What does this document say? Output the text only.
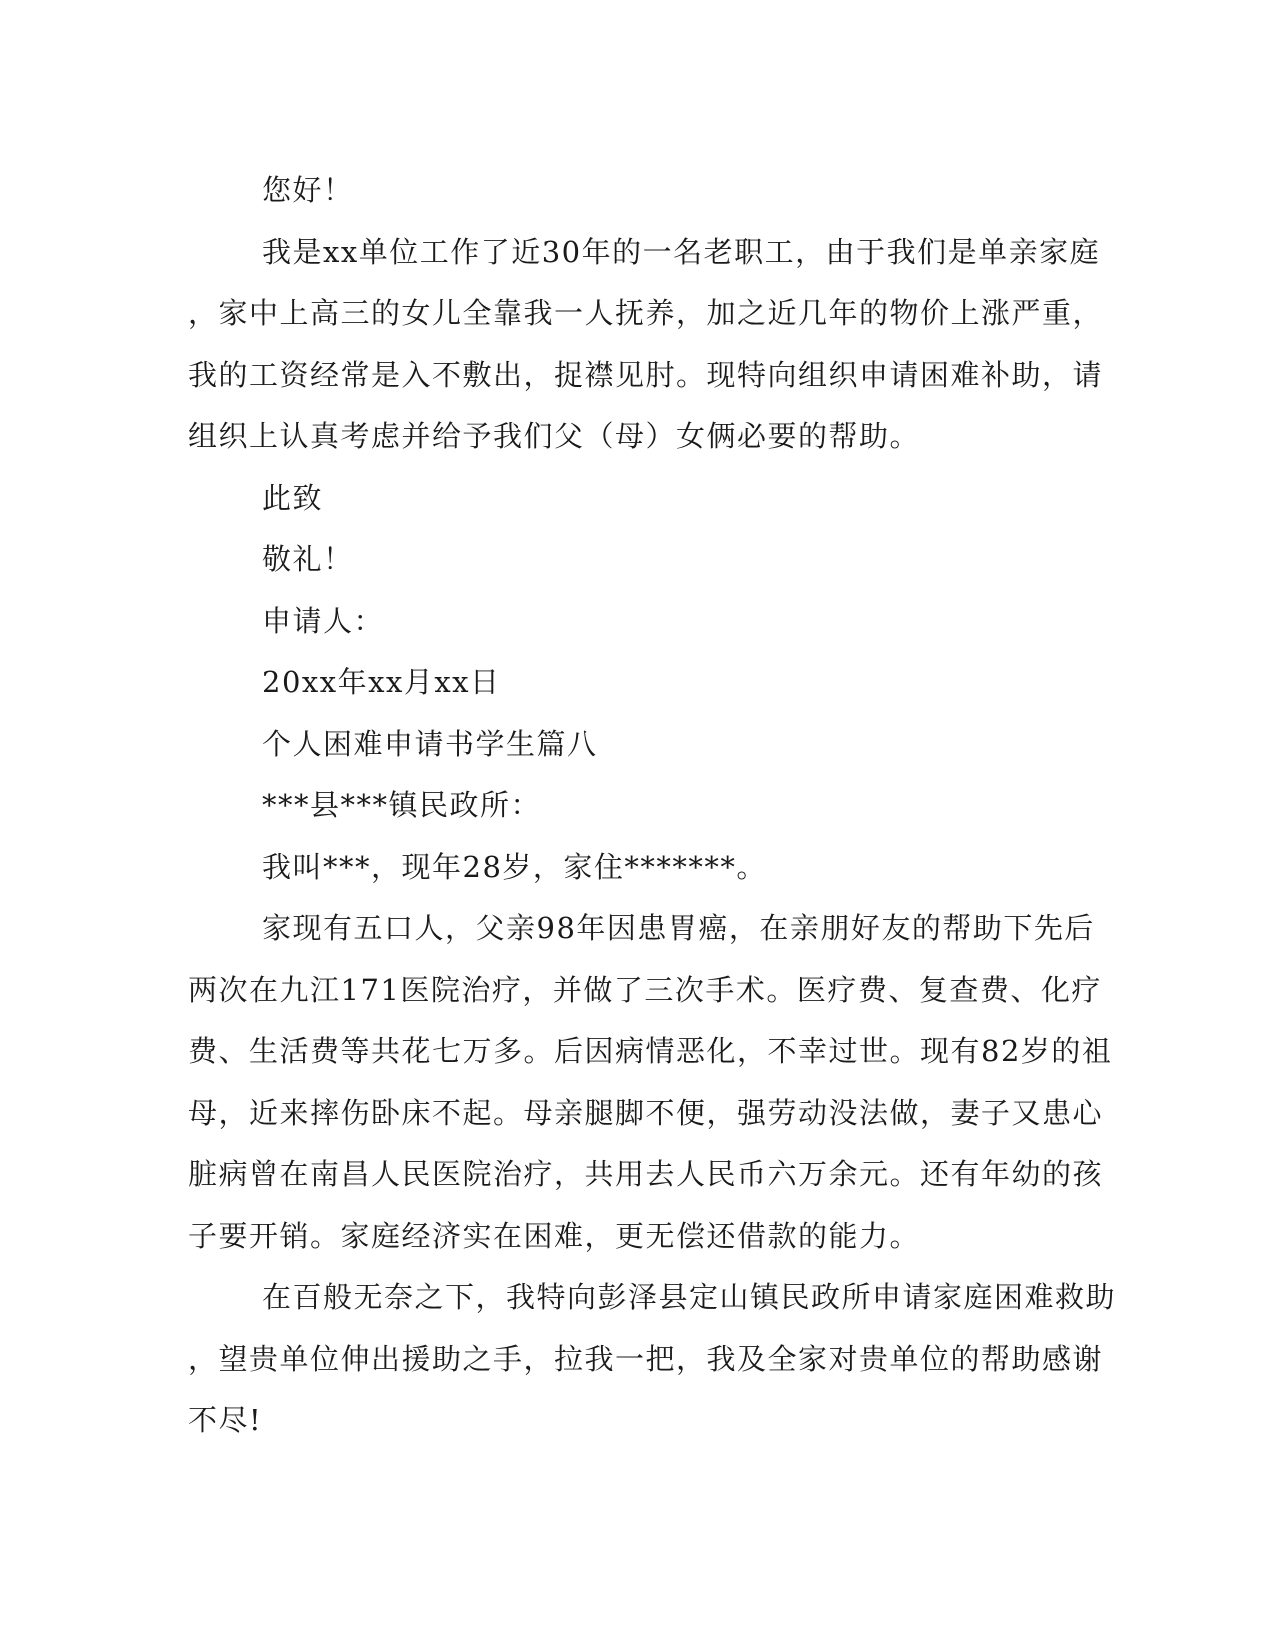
您好！
我是xx单位工作了近30年的一名老职工，由于我们是单亲家庭
，家中上高三的女儿全靠我一人抚养，加之近几年的物价上涨严重，
我的工资经常是入不敷出，捉襟见肘。现特向组织申请困难补助，请
组织上认真考虑并给予我们父（母）女俩必要的帮助。
此致
敬礼！
申请人：
20xx年xx月xx日
个人困难申请书学生篇八
***县***镇民政所：
我叫***，现年28岁，家住*******。
家现有五口人，父亲98年因患胃癌，在亲朋好友的帮助下先后
两次在九江171医院治疗，并做了三次手术。医疗费、复查费、化疗
费、生活费等共花七万多。后因病情恶化，不幸过世。现有82岁的祖
母，近来摔伤卧床不起。母亲腿脚不便，强劳动没法做，妻子又患心
脏病曾在南昌人民医院治疗，共用去人民币六万余元。还有年幼的孩
子要开销。家庭经济实在困难，更无偿还借款的能力。
在百般无奈之下，我特向彭泽县定山镇民政所申请家庭困难救助
，望贵单位伸出援助之手，拉我一把，我及全家对贵单位的帮助感谢
不尽!
